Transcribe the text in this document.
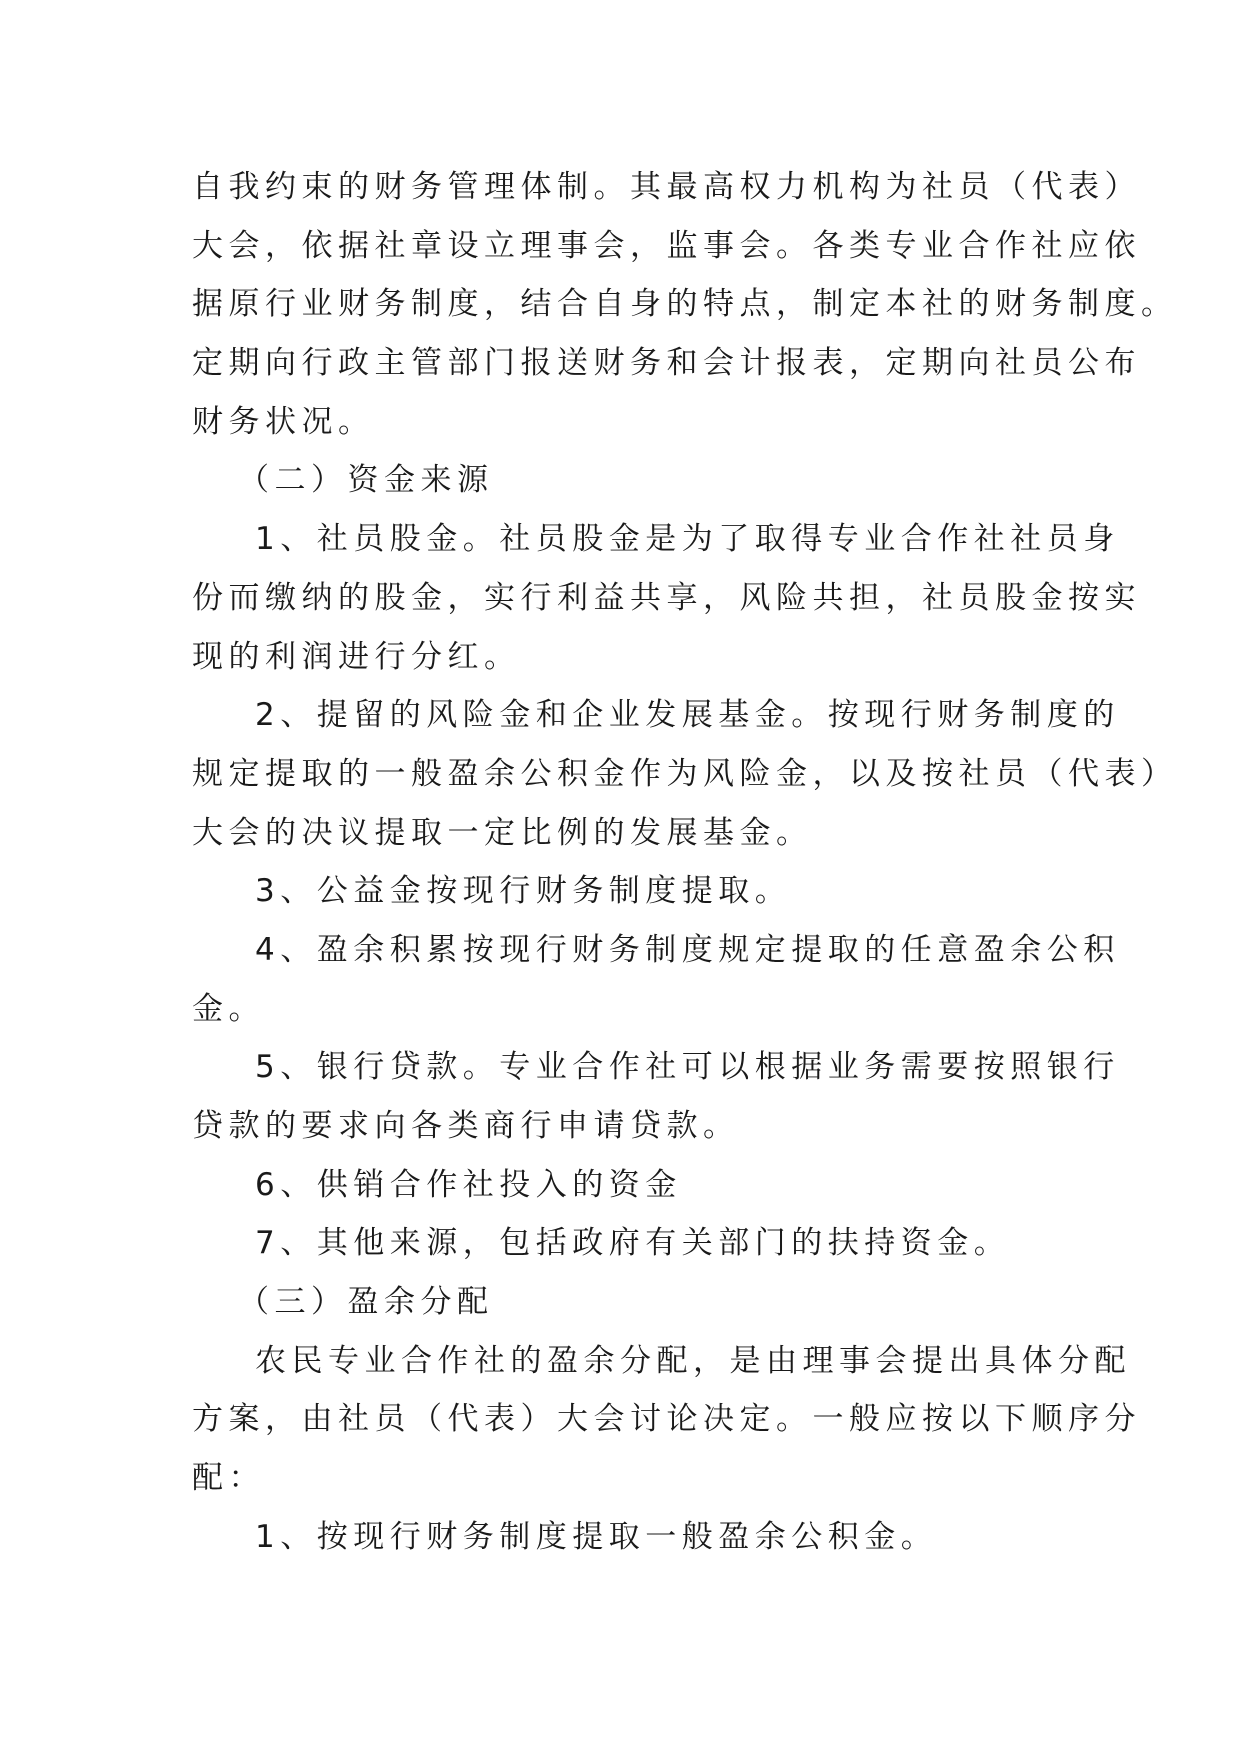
自我约束的财务管理体制。其最高权力机构为社员（代表）
大会，依据社章设立理事会，监事会。各类专业合作社应依
据原行业财务制度，结合自身的特点，制定本社的财务制度。
定期向行政主管部门报送财务和会计报表，定期向社员公布
财务状况。
（二）资金来源
1、社员股金。社员股金是为了取得专业合作社社员身
份而缴纳的股金，实行利益共享，风险共担，社员股金按实
现的利润进行分红。
2、提留的风险金和企业发展基金。按现行财务制度的
规定提取的一般盈余公积金作为风险金，以及按社员（代表）
大会的决议提取一定比例的发展基金。
3、公益金按现行财务制度提取。
4、盈余积累按现行财务制度规定提取的任意盈余公积
金。
5、银行贷款。专业合作社可以根据业务需要按照银行
贷款的要求向各类商行申请贷款。
6、供销合作社投入的资金
7、其他来源，包括政府有关部门的扶持资金。
（三）盈余分配
农民专业合作社的盈余分配，是由理事会提出具体分配
方案，由社员（代表）大会讨论决定。一般应按以下顺序分
配：
1、按现行财务制度提取一般盈余公积金。
